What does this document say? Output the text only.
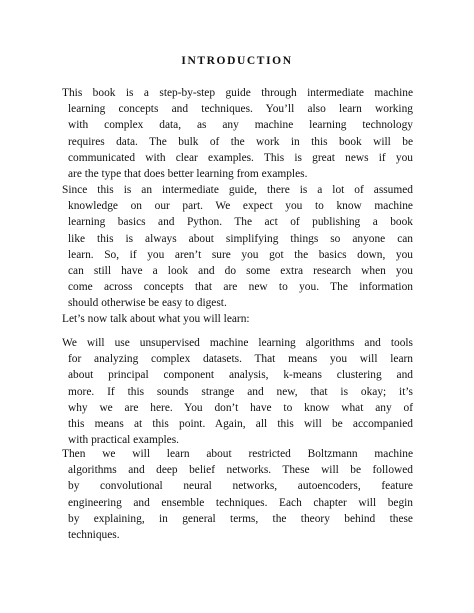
INTRODUCTION
This book is a step-by-step guide through intermediate machine
learning concepts and techniques. You’ll also learn working
with complex data, as any machine learning technology
requires data. The bulk of the work in this book will be
communicated with clear examples. This is great news if you
are the type that does better learning from examples.
Since this is an intermediate guide, there is a lot of assumed
knowledge on our part. We expect you to know machine
learning basics and Python. The act of publishing a book
like this is always about simplifying things so anyone can
learn. So, if you aren’t sure you got the basics down, you
can still have a look and do some extra research when you
come across concepts that are new to you. The information
should otherwise be easy to digest.
Let’s now talk about what you will learn:
We will use unsupervised machine learning algorithms and tools
for analyzing complex datasets. That means you will learn
about principal component analysis, k-means clustering and
more. If this sounds strange and new, that is okay; it’s
why we are here. You don’t have to know what any of
this means at this point. Again, all this will be accompanied
with practical examples.
Then we will learn about restricted Boltzmann machine
algorithms and deep belief networks. These will be followed
by convolutional neural networks, autoencoders, feature
engineering and ensemble techniques. Each chapter will begin
by explaining, in general terms, the theory behind these
techniques.
